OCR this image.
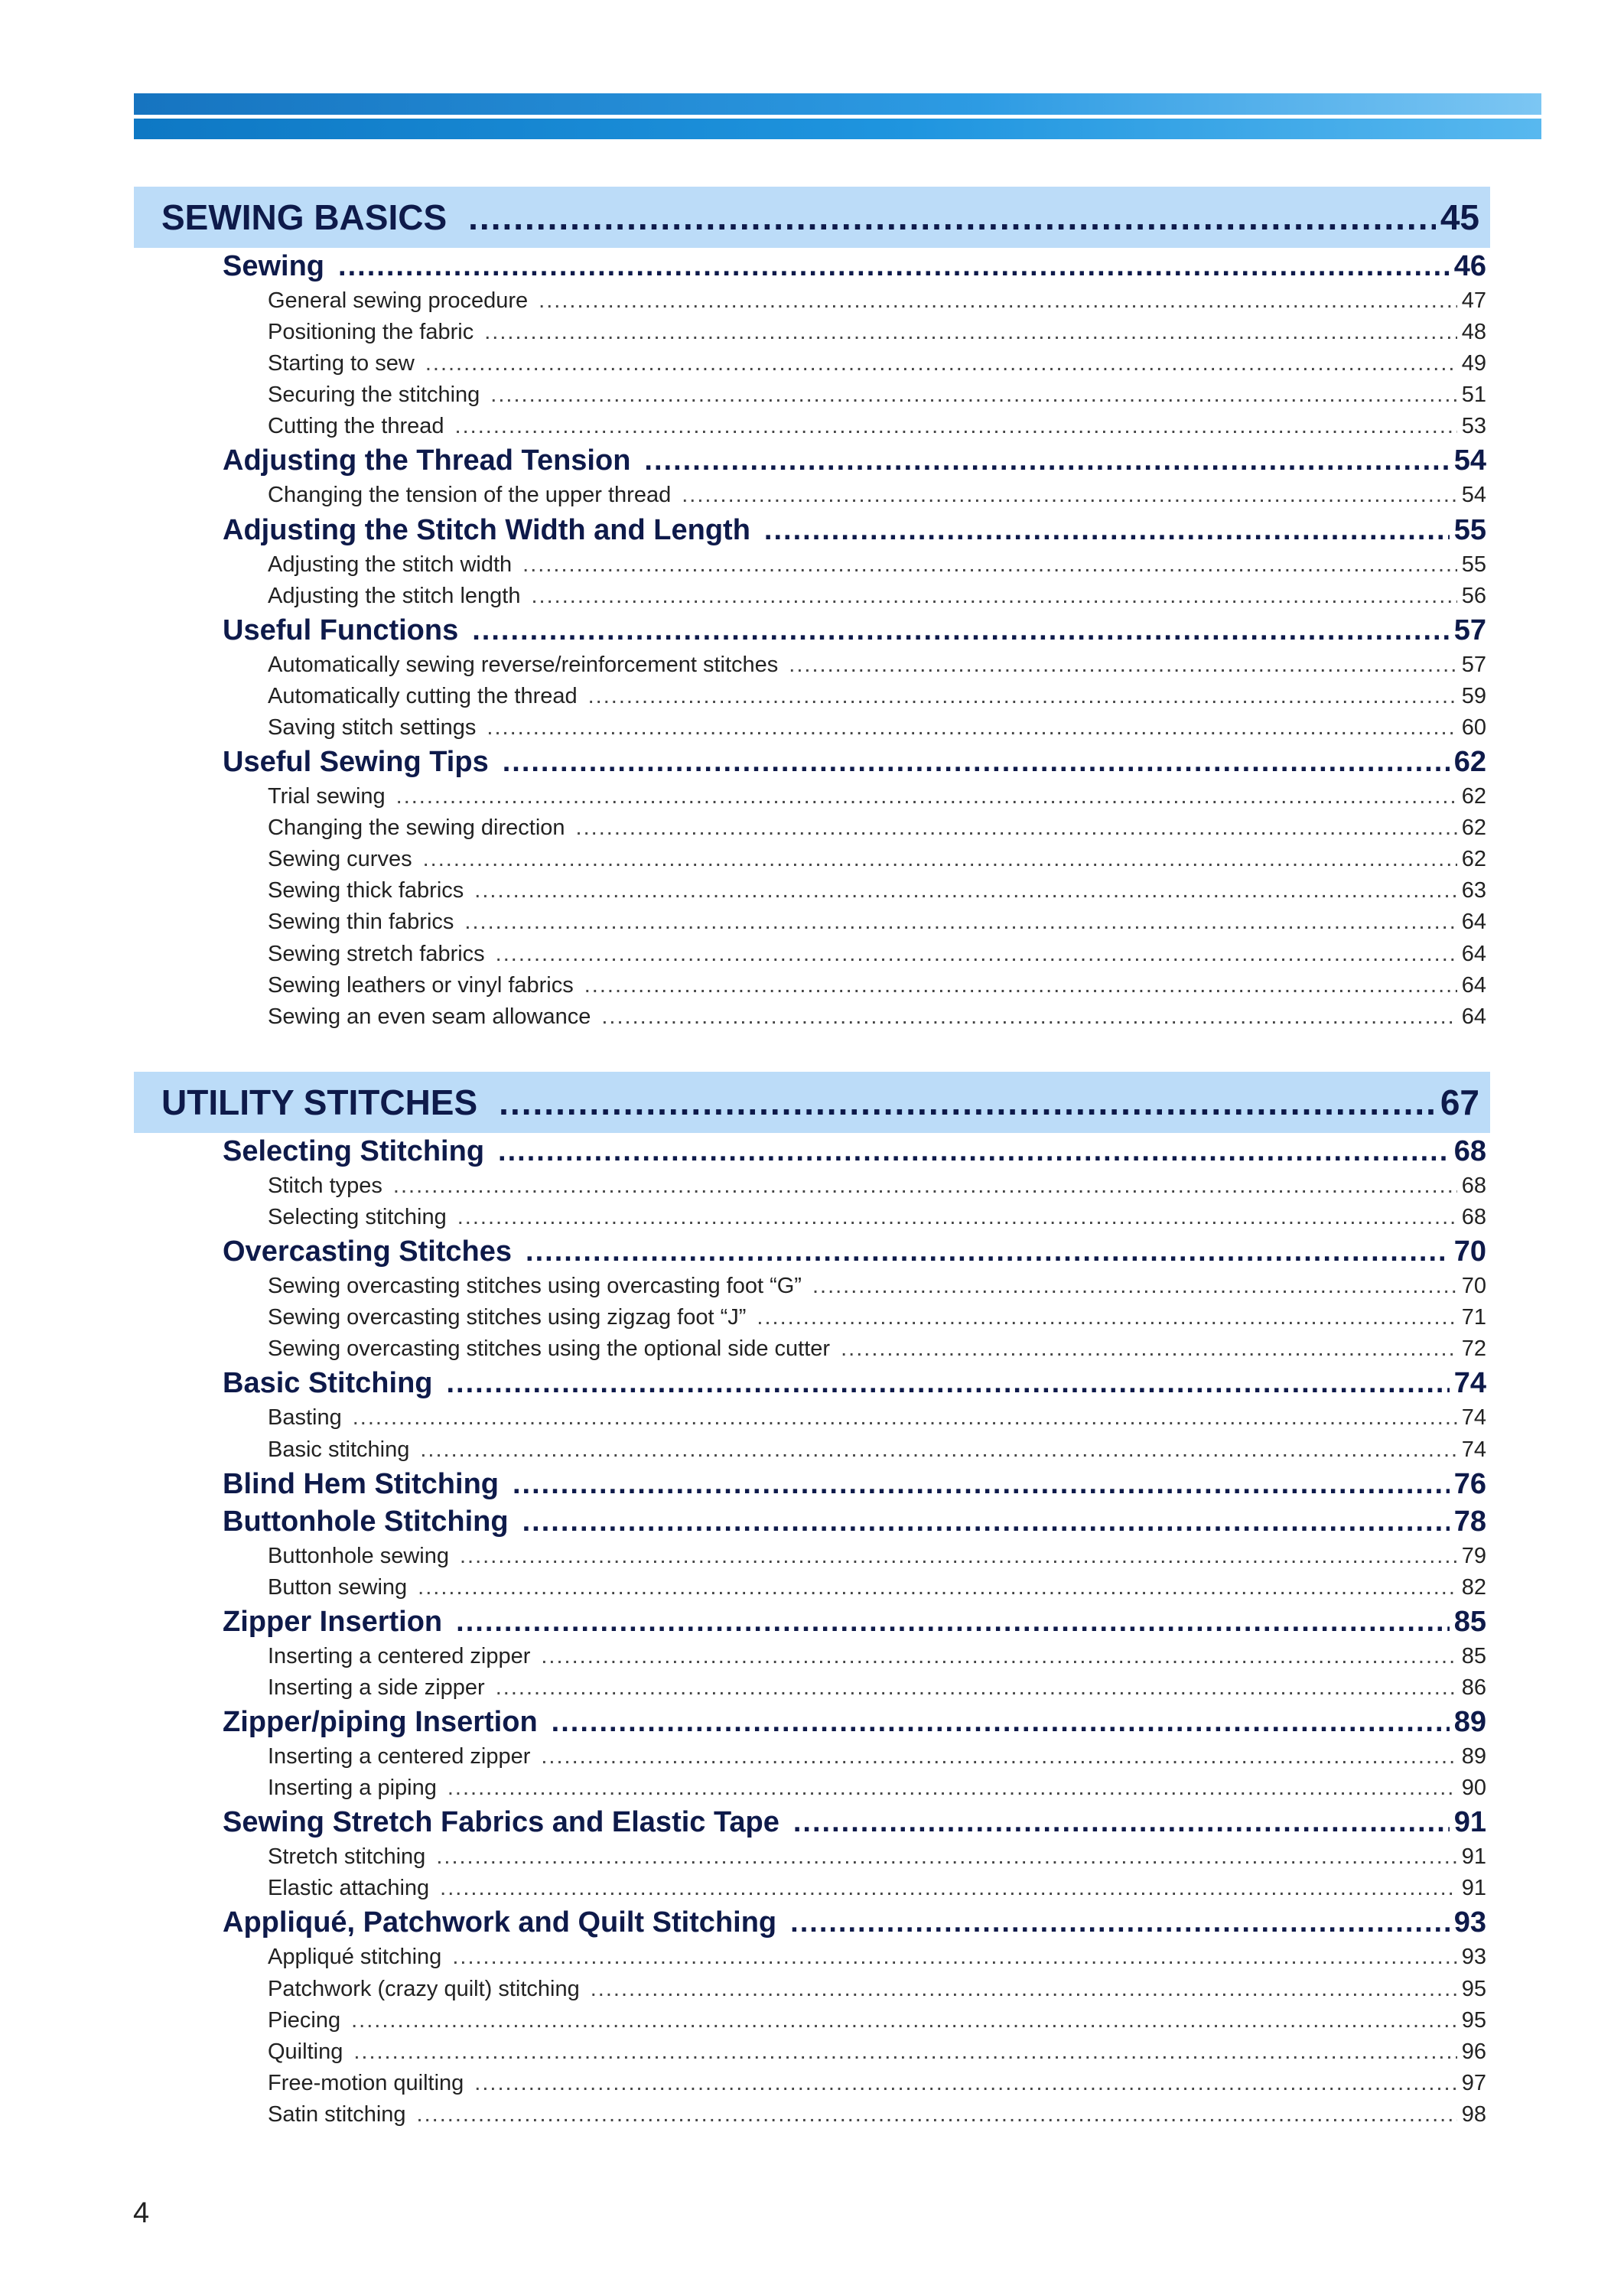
SEWING BASICS .....	45
Sewing .....	46
General sewing procedure .....	47
Positioning the fabric .....	48
Starting to sew .....	49
Securing the stitching .....	51
Cutting the thread .....	53
Adjusting the Thread Tension .....	54
Changing the tension of the upper thread .....	54
Adjusting the Stitch Width and Length .....	55
Adjusting the stitch width .....	55
Adjusting the stitch length .....	56
Useful Functions .....	57
Automatically sewing reverse/reinforcement stitches .....	57
Automatically cutting the thread .....	59
Saving stitch settings .....	60
Useful Sewing Tips .....	62
Trial sewing .....	62
Changing the sewing direction .....	62
Sewing curves .....	62
Sewing thick fabrics .....	63
Sewing thin fabrics .....	64
Sewing stretch fabrics .....	64
Sewing leathers or vinyl fabrics .....	64
Sewing an even seam allowance .....	64
UTILITY STITCHES .....	67
Selecting Stitching .....	68
Stitch types .....	68
Selecting stitching .....	68
Overcasting Stitches .....	70
Sewing overcasting stitches using overcasting foot “G” .....	70
Sewing overcasting stitches using zigzag foot “J” .....	71
Sewing overcasting stitches using the optional side cutter .....	72
Basic Stitching .....	74
Basting .....	74
Basic stitching .....	74
Blind Hem Stitching .....	76
Buttonhole Stitching .....	78
Buttonhole sewing .....	79
Button sewing .....	82
Zipper Insertion .....	85
Inserting a centered zipper .....	85
Inserting a side zipper .....	86
Zipper/piping Insertion .....	89
Inserting a centered zipper .....	89
Inserting a piping .....	90
Sewing Stretch Fabrics and Elastic Tape .....	91
Stretch stitching .....	91
Elastic attaching .....	91
Appliqué, Patchwork and Quilt Stitching .....	93
Appliqué stitching .....	93
Patchwork (crazy quilt) stitching .....	95
Piecing .....	95
Quilting .....	96
Free-motion quilting .....	97
Satin stitching .....	98
4
